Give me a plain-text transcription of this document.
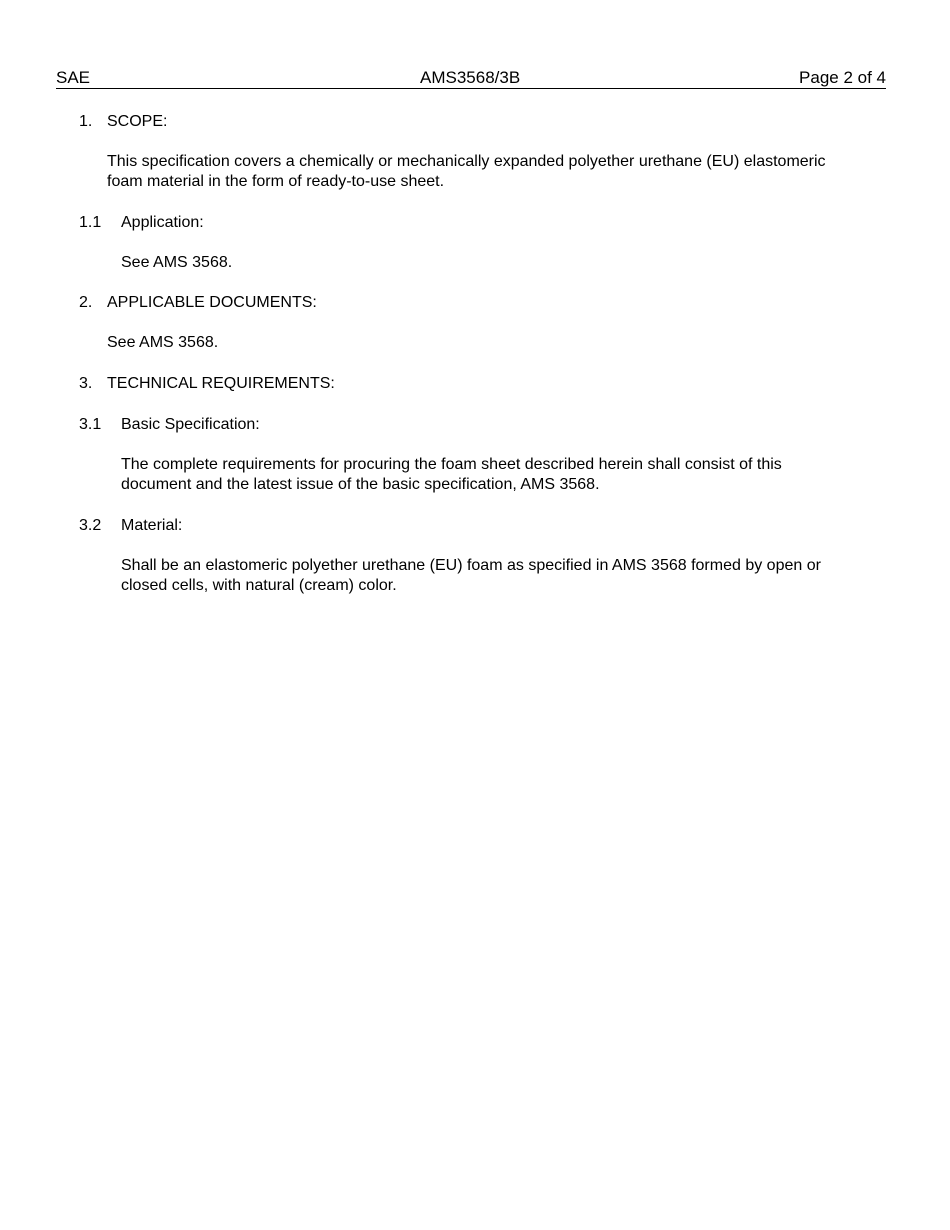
SAE	AMS3568/3B	Page 2 of 4
1. SCOPE:
This specification covers a chemically or mechanically expanded polyether urethane (EU) elastomeric
foam material in the form of ready-to-use sheet.
1.1 Application:
See AMS 3568.
2. APPLICABLE DOCUMENTS:
See AMS 3568.
3. TECHNICAL REQUIREMENTS:
3.1 Basic Specification:
The complete requirements for procuring the foam sheet described herein shall consist of this
document and the latest issue of the basic specification, AMS 3568.
3.2 Material:
Shall be an elastomeric polyether urethane (EU) foam as specified in AMS 3568 formed by open or
closed cells, with natural (cream) color.
